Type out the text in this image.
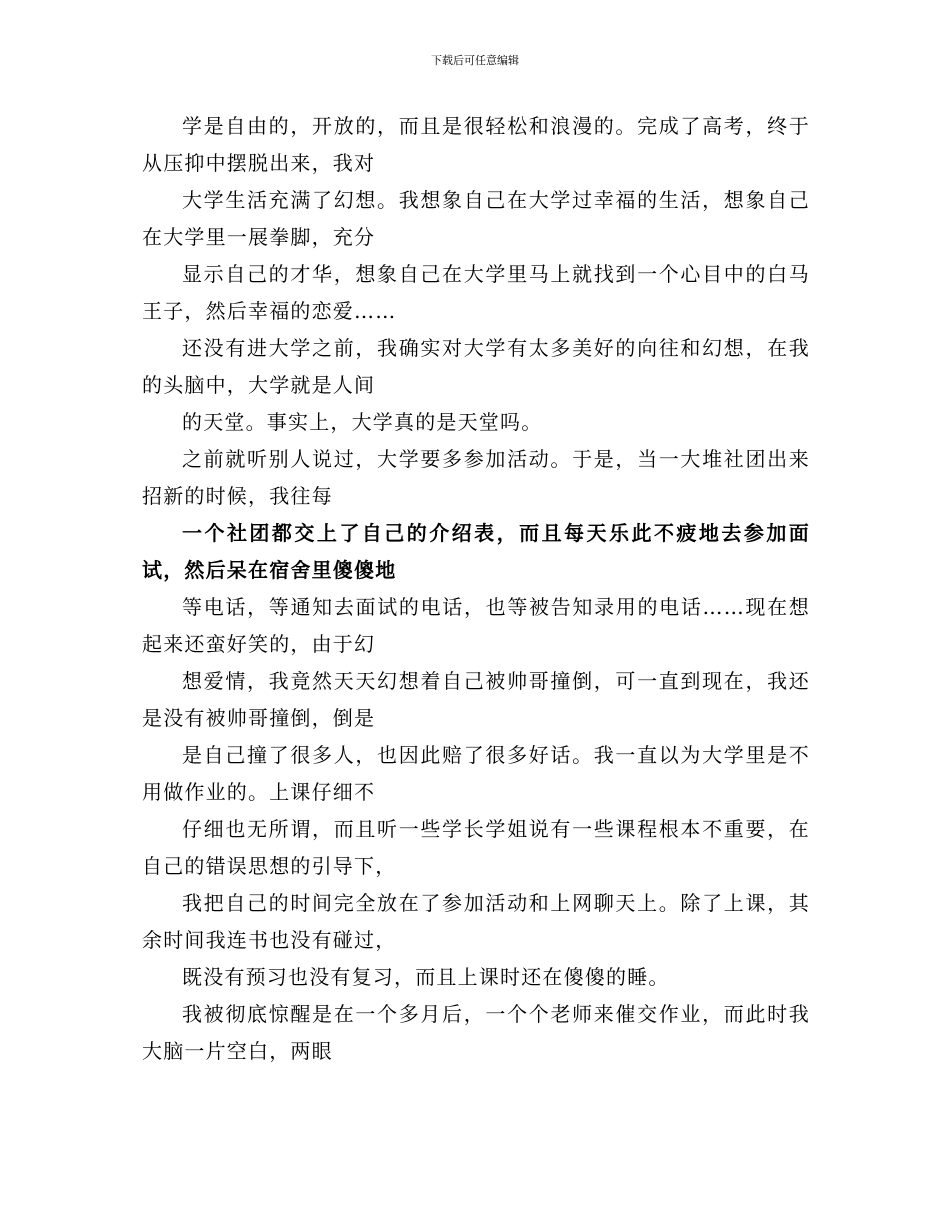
下载后可任意编辑

学是自由的，开放的，而且是很轻松和浪漫的。完成了高考，终于从压抑中摆脱出来，我对

大学生活充满了幻想。我想象自己在大学过幸福的生活，想象自己在大学里一展拳脚，充分

显示自己的才华，想象自己在大学里马上就找到一个心目中的白马王子，然后幸福的恋爱……

还没有进大学之前，我确实对大学有太多美好的向往和幻想，在我的头脑中，大学就是人间

的天堂。事实上，大学真的是天堂吗。

之前就听别人说过，大学要多参加活动。于是，当一大堆社团出来招新的时候，我往每

一个社团都交上了自己的介绍表，而且每天乐此不疲地去参加面试，然后呆在宿舍里傻傻地

等电话，等通知去面试的电话，也等被告知录用的电话……现在想起来还蛮好笑的，由于幻

想爱情，我竟然天天幻想着自己被帅哥撞倒，可一直到现在，我还是没有被帅哥撞倒，倒是

是自己撞了很多人，也因此赔了很多好话。我一直以为大学里是不用做作业的。上课仔细不

仔细也无所谓，而且听一些学长学姐说有一些课程根本不重要，在自己的错误思想的引导下，

我把自己的时间完全放在了参加活动和上网聊天上。除了上课，其余时间我连书也没有碰过，

既没有预习也没有复习，而且上课时还在傻傻的睡。

我被彻底惊醒是在一个多月后，一个个老师来催交作业，而此时我大脑一片空白，两眼
